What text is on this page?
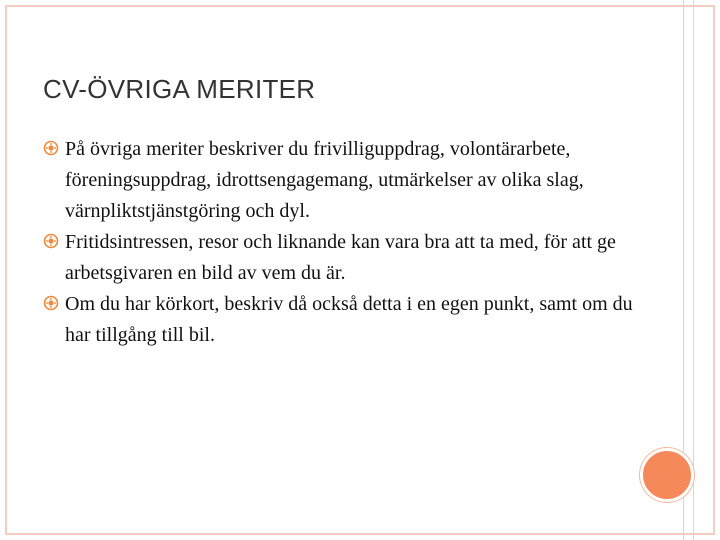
CV-ÖVRIGA MERITER
På övriga meriter beskriver du frivilliguppdrag, volontärarbete, föreningsuppdrag, idrottsengagemang, utmärkelser av olika slag, värnpliktstjänstgöring och dyl.
Fritidsintressen, resor och liknande kan vara bra att ta med, för att ge arbetsgivaren en bild av vem du är.
Om du har körkort, beskriv då också detta i en egen punkt, samt om du har tillgång till bil.
